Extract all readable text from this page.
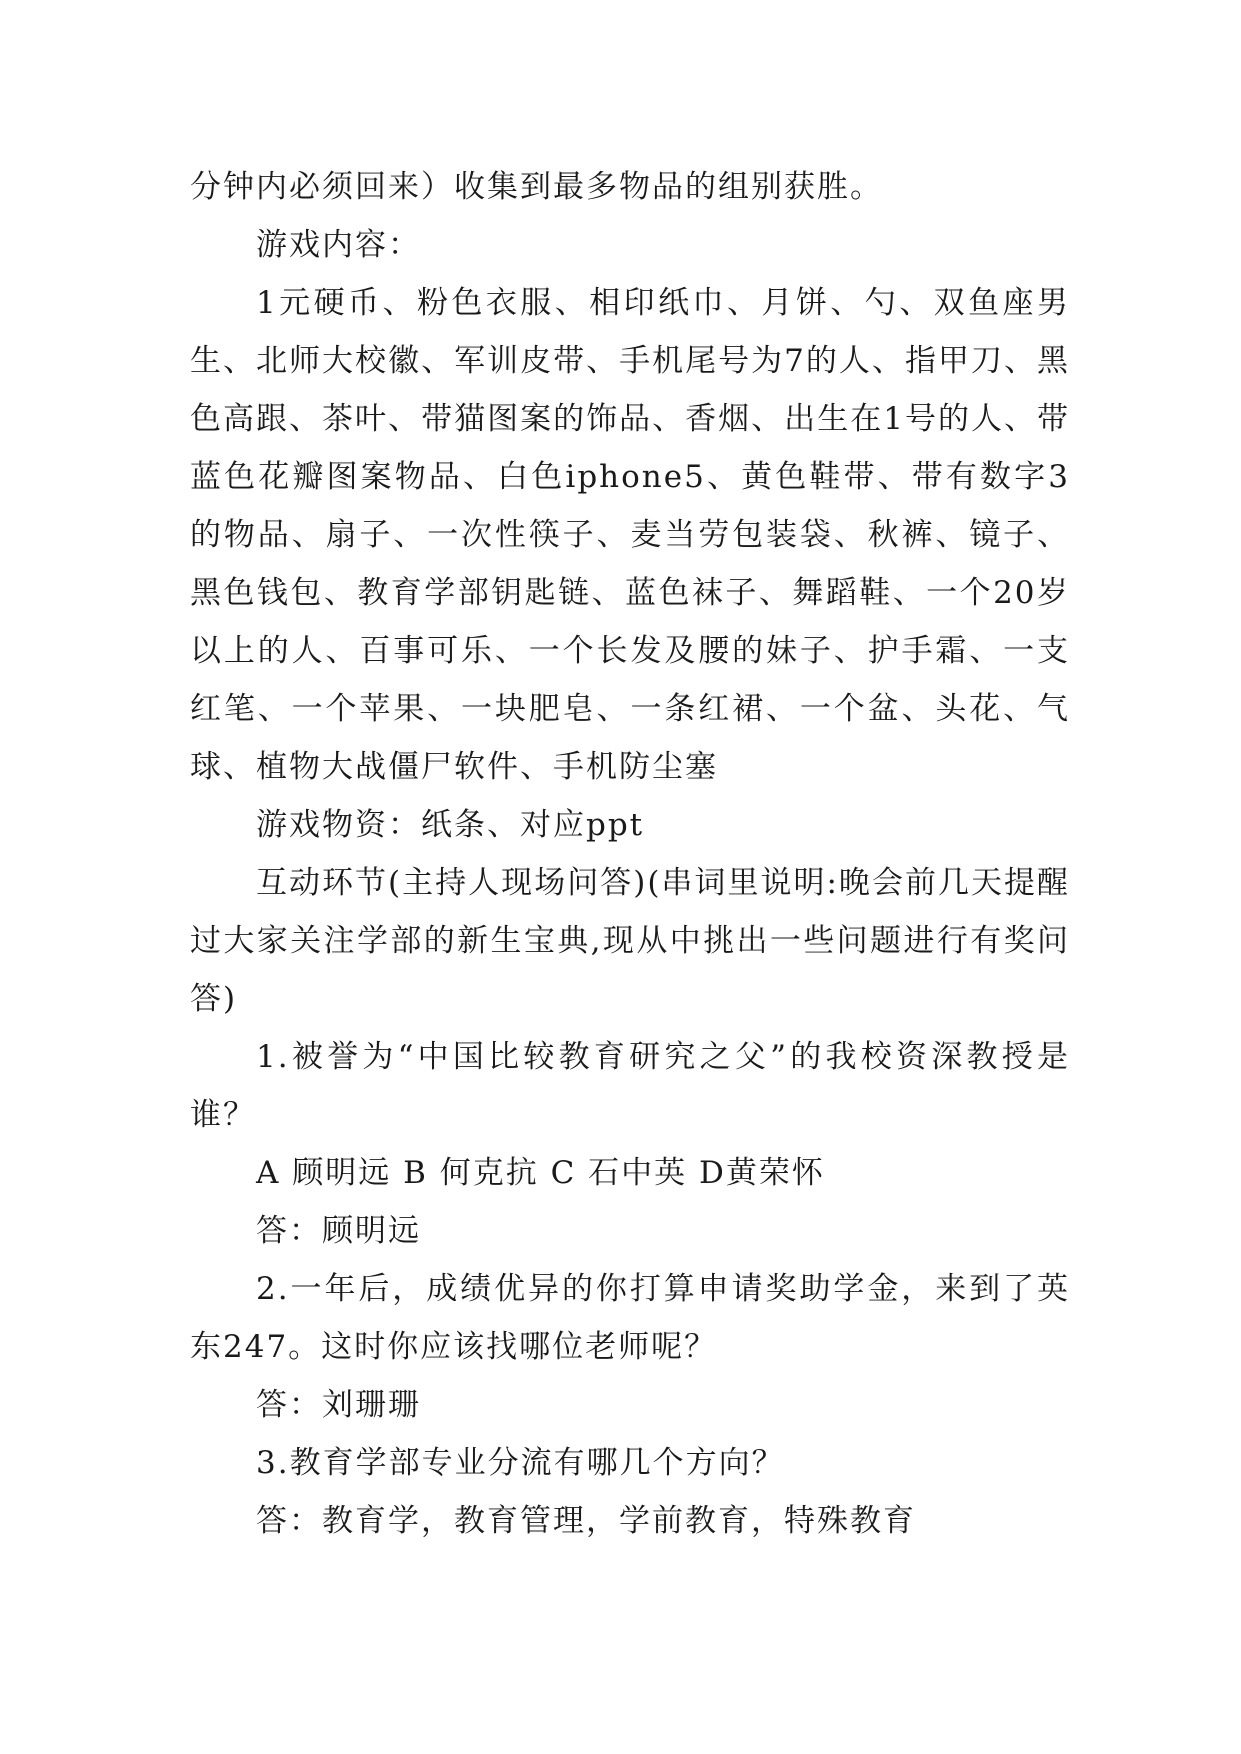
分钟内必须回来）收集到最多物品的组别获胜。

游戏内容：

1元硬币、粉色衣服、相印纸巾、月饼、勺、双鱼座男生、北师大校徽、军训皮带、手机尾号为7的人、指甲刀、黑色高跟、茶叶、带猫图案的饰品、香烟、出生在1号的人、带蓝色花瓣图案物品、白色iphone5、黄色鞋带、带有数字3的物品、扇子、一次性筷子、麦当劳包装袋、秋裤、镜子、黑色钱包、教育学部钥匙链、蓝色袜子、舞蹈鞋、一个20岁以上的人、百事可乐、一个长发及腰的妹子、护手霜、一支红笔、一个苹果、一块肥皂、一条红裙、一个盆、头花、气球、植物大战僵尸软件、手机防尘塞

游戏物资：纸条、对应ppt

互动环节(主持人现场问答)(串词里说明:晚会前几天提醒过大家关注学部的新生宝典,现从中挑出一些问题进行有奖问答)

1.被誉为“中国比较教育研究之父”的我校资深教授是谁？

A 顾明远 B 何克抗 C 石中英 D黄荣怀

答：顾明远

2.一年后，成绩优异的你打算申请奖助学金，来到了英东247。这时你应该找哪位老师呢？

答：刘珊珊

3.教育学部专业分流有哪几个方向？

答：教育学，教育管理，学前教育，特殊教育
